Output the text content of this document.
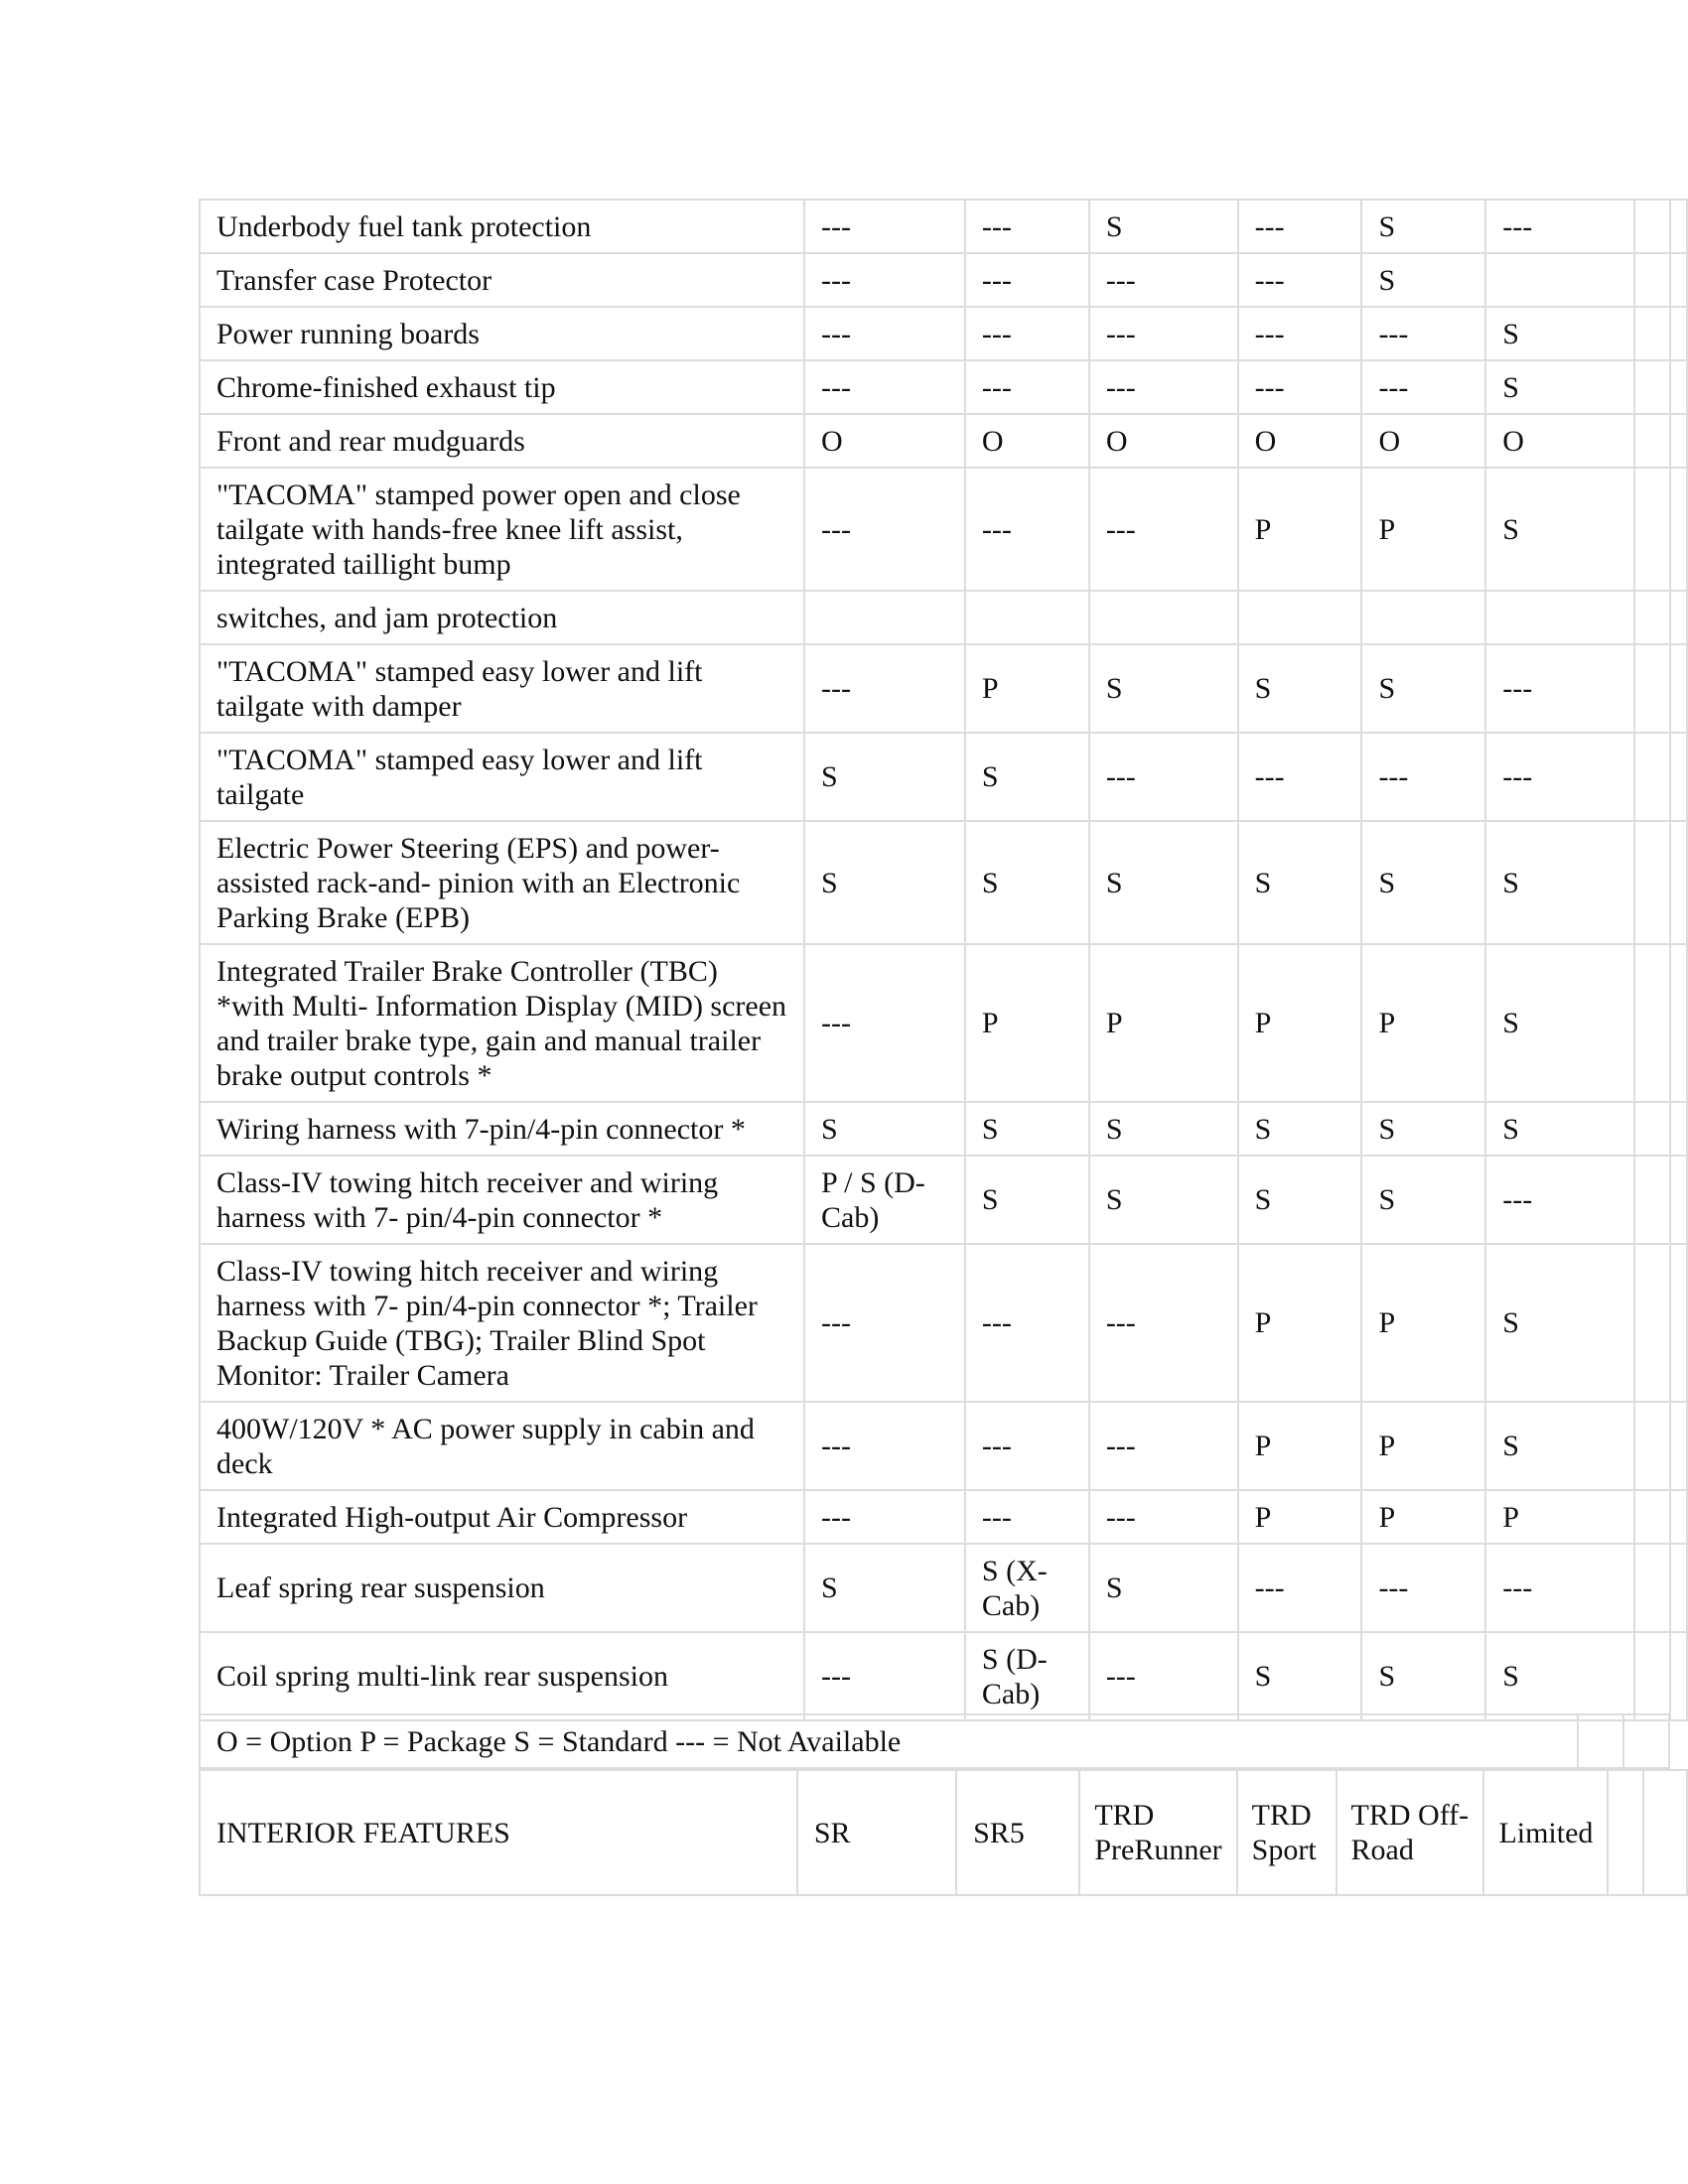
Underbody fuel tank protection	---	---	S	---	S	---		
Transfer case Protector	---	---	---	---	S			
Power running boards	---	---	---	---	---	S		
Chrome-finished exhaust tip	---	---	---	---	---	S		
Front and rear mudguards	O	O	O	O	O	O		
"TACOMA" stamped power open and close tailgate with hands-free knee lift assist, integrated taillight bump	---	---	---	P	P	S		
switches, and jam protection								
"TACOMA" stamped easy lower and lift tailgate with damper	---	P	S	S	S	---		
"TACOMA" stamped easy lower and lift tailgate	S	S	---	---	---	---		
Electric Power Steering (EPS) and power-assisted rack-and- pinion with an Electronic Parking Brake (EPB)	S	S	S	S	S	S		
Integrated Trailer Brake Controller (TBC) *with Multi- Information Display (MID) screen and trailer brake type, gain and manual trailer brake output controls *	---	P	P	P	P	S		
Wiring harness with 7-pin/4-pin connector *	S	S	S	S	S	S		
Class-IV towing hitch receiver and wiring harness with 7- pin/4-pin connector *	P / S (D-Cab)	S	S	S	S	---		
Class-IV towing hitch receiver and wiring harness with 7- pin/4-pin connector *; Trailer Backup Guide (TBG); Trailer Blind Spot Monitor: Trailer Camera	---	---	---	P	P	S		
400W/120V * AC power supply in cabin and deck	---	---	---	P	P	S		
Integrated High-output Air Compressor	---	---	---	P	P	P		
Leaf spring rear suspension	S	S (X-Cab)	S	---	---	---		
Coil spring multi-link rear suspension	---	S (D-Cab)	---	S	S	S		
O = Option P = Package S = Standard --- = Not Available		
INTERIOR FEATURES	SR	SR5	TRD PreRunner	TRD Sport	TRD Off-Road	Limited		
